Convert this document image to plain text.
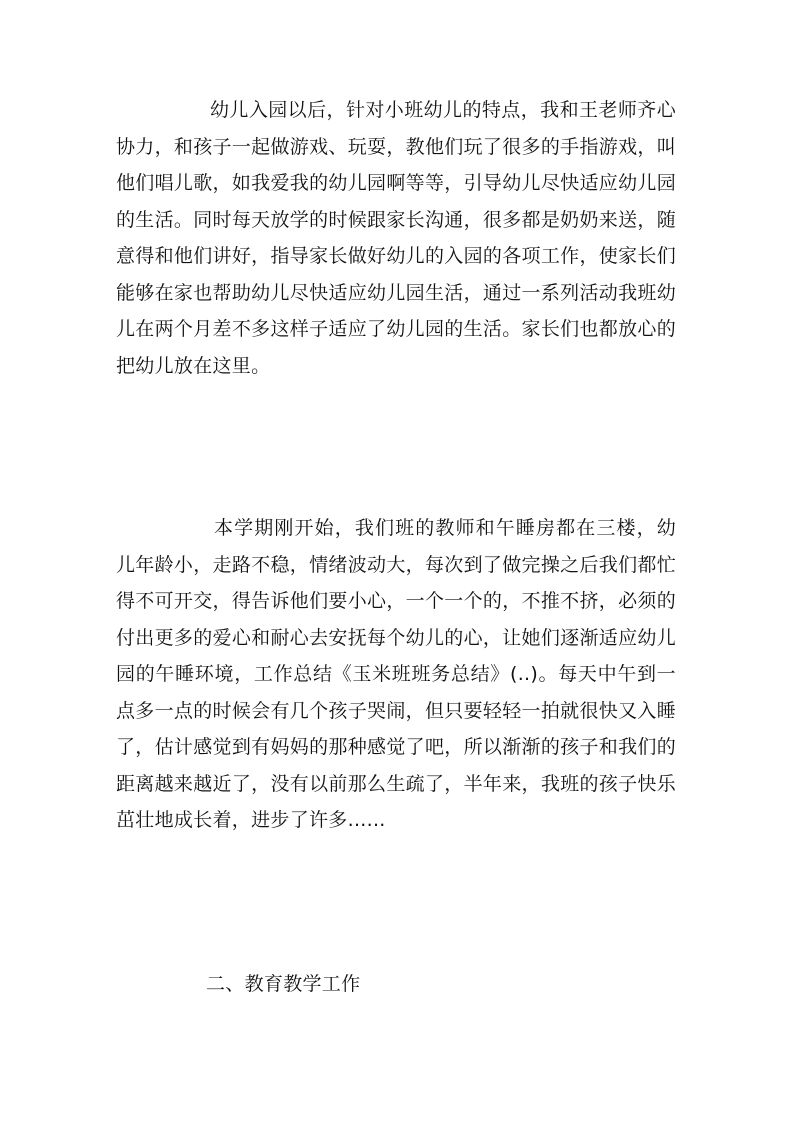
幼儿入园以后，针对小班幼儿的特点，我和王老师齐心协力，和孩子一起做游戏、玩耍，教他们玩了很多的手指游戏，叫他们唱儿歌，如我爱我的幼儿园啊等等，引导幼儿尽快适应幼儿园的生活。同时每天放学的时候跟家长沟通，很多都是奶奶来送，随意得和他们讲好，指导家长做好幼儿的入园的各项工作，使家长们能够在家也帮助幼儿尽快适应幼儿园生活，通过一系列活动我班幼儿在两个月差不多这样子适应了幼儿园的生活。家长们也都放心的把幼儿放在这里。

本学期刚开始，我们班的教师和午睡房都在三楼，幼儿年龄小，走路不稳，情绪波动大，每次到了做完操之后我们都忙得不可开交，得告诉他们要小心，一个一个的，不推不挤，必须的付出更多的爱心和耐心去安抚每个幼儿的心，让她们逐渐适应幼儿园的午睡环境，工作总结《玉米班班务总结》(..)。每天中午到一点多一点的时候会有几个孩子哭闹，但只要轻轻一拍就很快又入睡了，估计感觉到有妈妈的那种感觉了吧，所以渐渐的孩子和我们的距离越来越近了，没有以前那么生疏了，半年来，我班的孩子快乐茁壮地成长着，进步了许多......

二、教育教学工作
